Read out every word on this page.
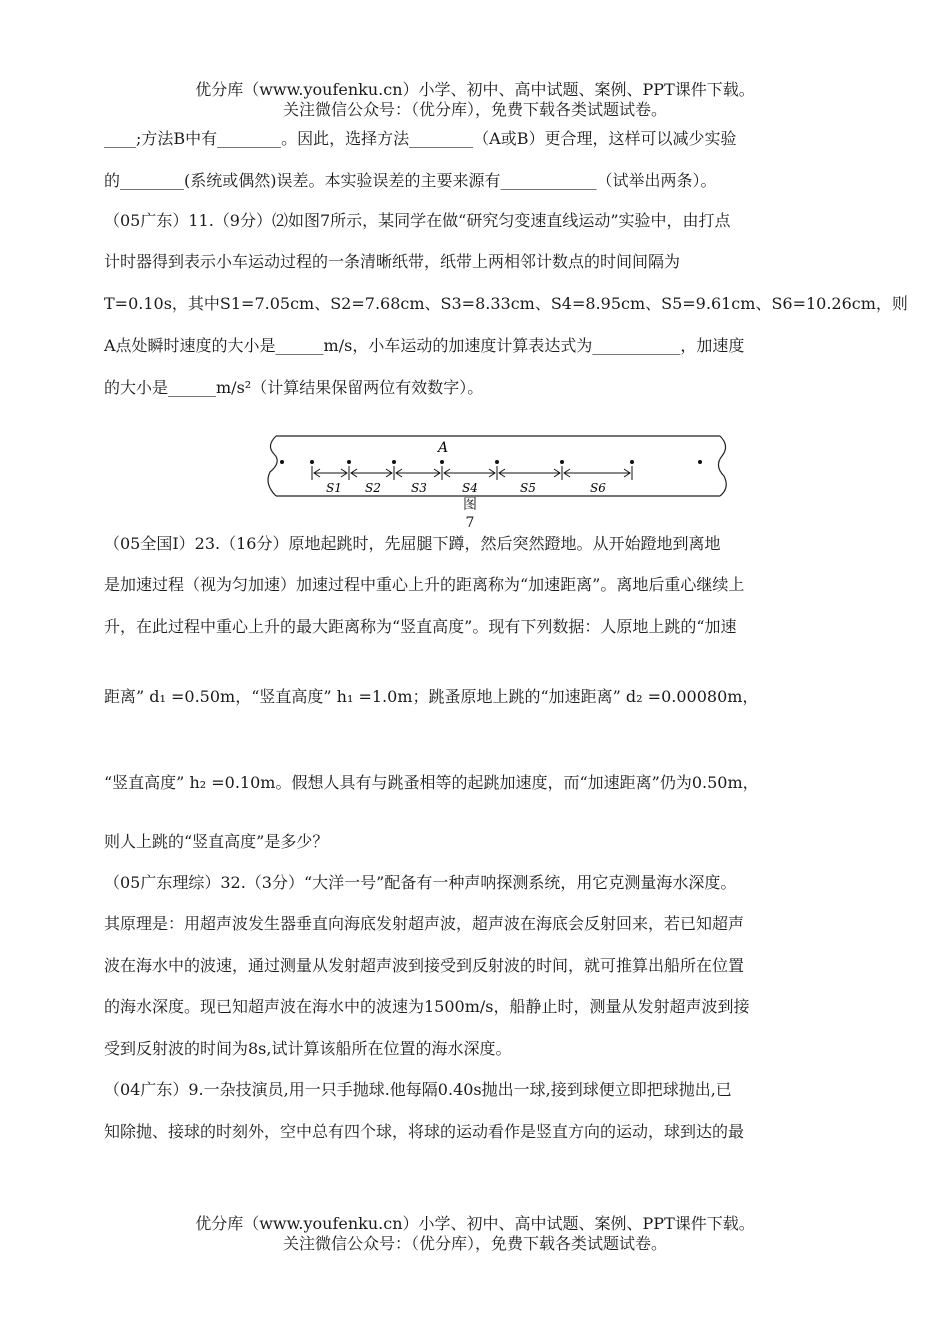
优分库（www.youfenku.cn）小学、初中、高中试题、案例、PPT课件下载。
关注微信公众号：（优分库），免费下载各类试题试卷。
____;方法B中有________。因此，选择方法________（A或B）更合理，这样可以减少实验
的________(系统或偶然)误差。本实验误差的主要来源有____________（试举出两条）。
（05广东）11.（9分）⑵如图7所示，某同学在做“研究匀变速直线运动”实验中，由打点
计时器得到表示小车运动过程的一条清晰纸带，纸带上两相邻计数点的时间间隔为
T=0.10s，其中S1=7.05cm、S2=7.68cm、S3=8.33cm、S4=8.95cm、S5=9.61cm、S6=10.26cm，则
A点处瞬时速度的大小是______m/s，小车运动的加速度计算表达式为___________，加速度
的大小是______m/s²（计算结果保留两位有效数字）。
（05全国Ⅰ）23.（16分）原地起跳时，先屈腿下蹲，然后突然蹬地。从开始蹬地到离地
是加速过程（视为匀加速）加速过程中重心上升的距离称为“加速距离”。离地后重心继续上
升，在此过程中重心上升的最大距离称为“竖直高度”。现有下列数据：人原地上跳的“加速
距离” d₁ =0.50m，“竖直高度” h₁ =1.0m；跳蚤原地上跳的“加速距离” d₂ =0.00080m，
“竖直高度” h₂ =0.10m。假想人具有与跳蚤相等的起跳加速度，而“加速距离”仍为0.50m，
则人上跳的“竖直高度”是多少？
（05广东理综）32.（3分）“大洋一号”配备有一种声呐探测系统，用它克测量海水深度。
其原理是：用超声波发生器垂直向海底发射超声波，超声波在海底会反射回来，若已知超声
波在海水中的波速，通过测量从发射超声波到接受到反射波的时间，就可推算出船所在位置
的海水深度。现已知超声波在海水中的波速为1500m/s，船静止时，测量从发射超声波到接
受到反射波的时间为8s,试计算该船所在位置的海水深度。
（04广东）9.一杂技演员,用一只手抛球.他每隔0.40s抛出一球,接到球便立即把球抛出,已
知除抛、接球的时刻外，空中总有四个球，将球的运动看作是竖直方向的运动，球到达的最
A
S1 S2	S3	S4	S5	S6
图
7
优分库（www.youfenku.cn）小学、初中、高中试题、案例、PPT课件下载。
关注微信公众号：（优分库），免费下载各类试题试卷。
